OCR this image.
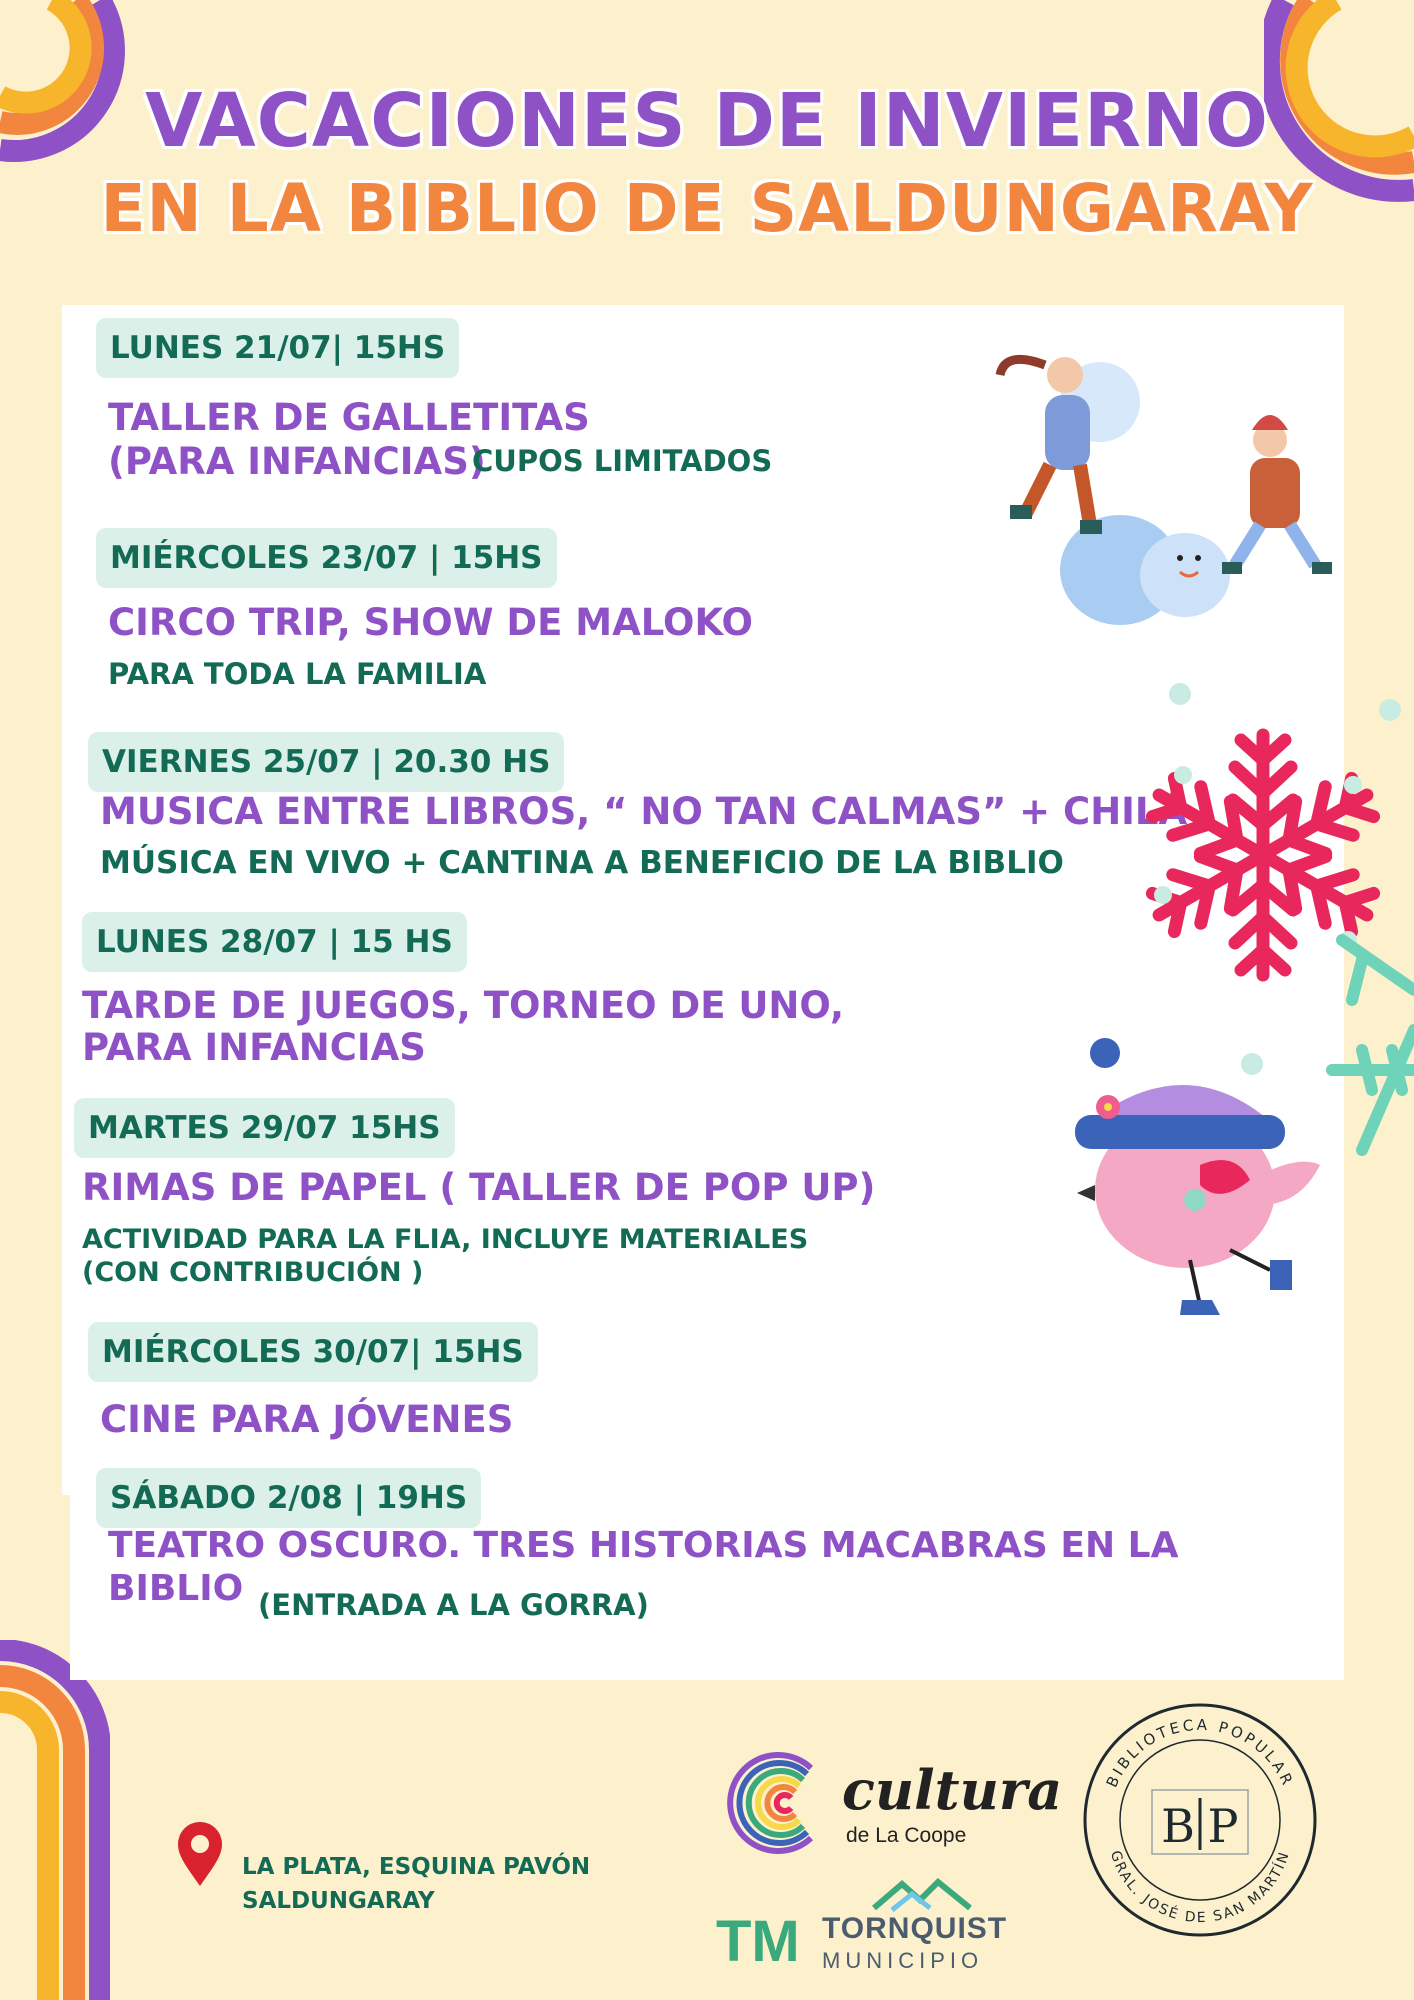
VACACIONES DE INVIERNO
EN LA BIBLIO DE SALDUNGARAY
LUNES 21/07| 15HS
TALLER DE GALLETITAS
(PARA INFANCIAS)
CUPOS LIMITADOS
MIÉRCOLES 23/07 | 15HS
CIRCO TRIP, SHOW DE MALOKO
PARA TODA LA FAMILIA
VIERNES 25/07 | 20.30 HS
MUSICA ENTRE LIBROS, “ NO TAN CALMAS” + CHILÁ
MÚSICA EN VIVO + CANTINA A BENEFICIO DE LA BIBLIO
LUNES 28/07 | 15 HS
TARDE DE JUEGOS, TORNEO DE UNO,
PARA INFANCIAS
MARTES 29/07 15HS
RIMAS DE PAPEL ( TALLER DE POP UP)
ACTIVIDAD PARA LA FLIA, INCLUYE MATERIALES
(CON CONTRIBUCIÓN )
MIÉRCOLES 30/07| 15HS
CINE PARA JÓVENES
SÁBADO 2/08 | 19HS
TEATRO OSCURO. TRES HISTORIAS MACABRAS EN LA
BIBLIO (ENTRADA A LA GORRA)
LA PLATA, ESQUINA PAVÓN
SALDUNGARAY
cultura
de La Coope
TM TORNQUIST
MUNICIPIO
BIBLIOTECA POPULAR
GRAL. JOSÉ DE SAN MARTÍN
B P
